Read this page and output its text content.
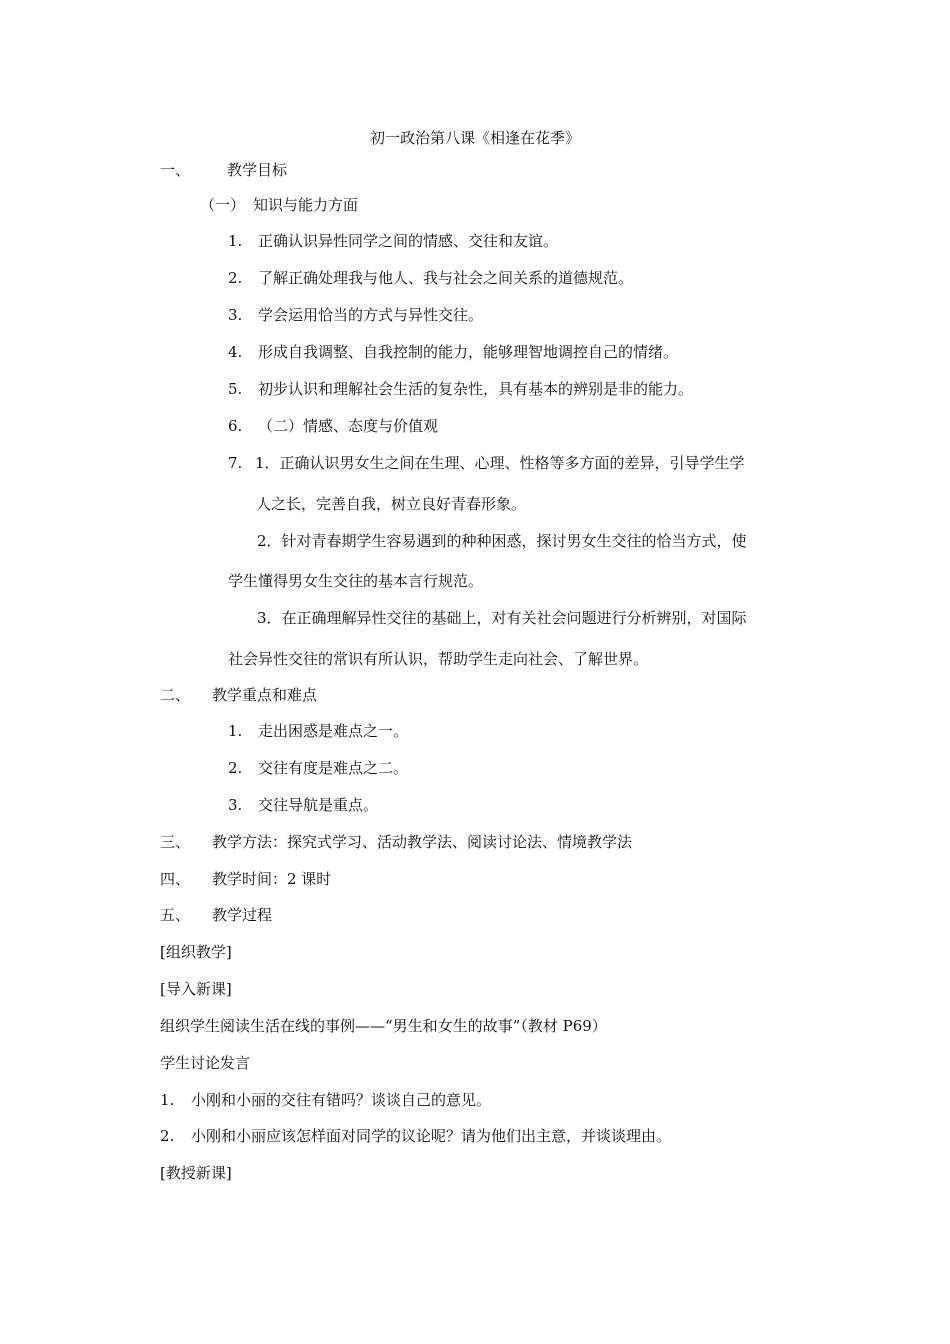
初一政治第八课《相逢在花季》
一、 教学目标
（一） 知识与能力方面
1. 正确认识异性同学之间的情感、交往和友谊。
2. 了解正确处理我与他人、我与社会之间关系的道德规范。
3. 学会运用恰当的方式与异性交往。
4. 形成自我调整、自我控制的能力，能够理智地调控自己的情绪。
5. 初步认识和理解社会生活的复杂性，具有基本的辨别是非的能力。
6. （二）情感、态度与价值观
7. 1．正确认识男女生之间在生理、心理、性格等多方面的差异，引导学生学
人之长，完善自我，树立良好青春形象。
2．针对青春期学生容易遇到的种种困惑，探讨男女生交往的恰当方式，使
学生懂得男女生交往的基本言行规范。
3．在正确理解异性交往的基础上，对有关社会问题进行分析辨别，对国际
社会异性交往的常识有所认识，帮助学生走向社会、了解世界。
二、 教学重点和难点
1. 走出困惑是难点之一。
2. 交往有度是难点之二。
3. 交往导航是重点。
三、 教学方法：探究式学习、活动教学法、阅读讨论法、情境教学法
四、 教学时间：2 课时
五、 教学过程
[组织教学]
[导入新课]
组织学生阅读生活在线的事例——“男生和女生的故事”（教材 P69）
学生讨论发言
1. 小刚和小丽的交往有错吗？谈谈自己的意见。
2. 小刚和小丽应该怎样面对同学的议论呢？请为他们出主意，并谈谈理由。
[教授新课]
